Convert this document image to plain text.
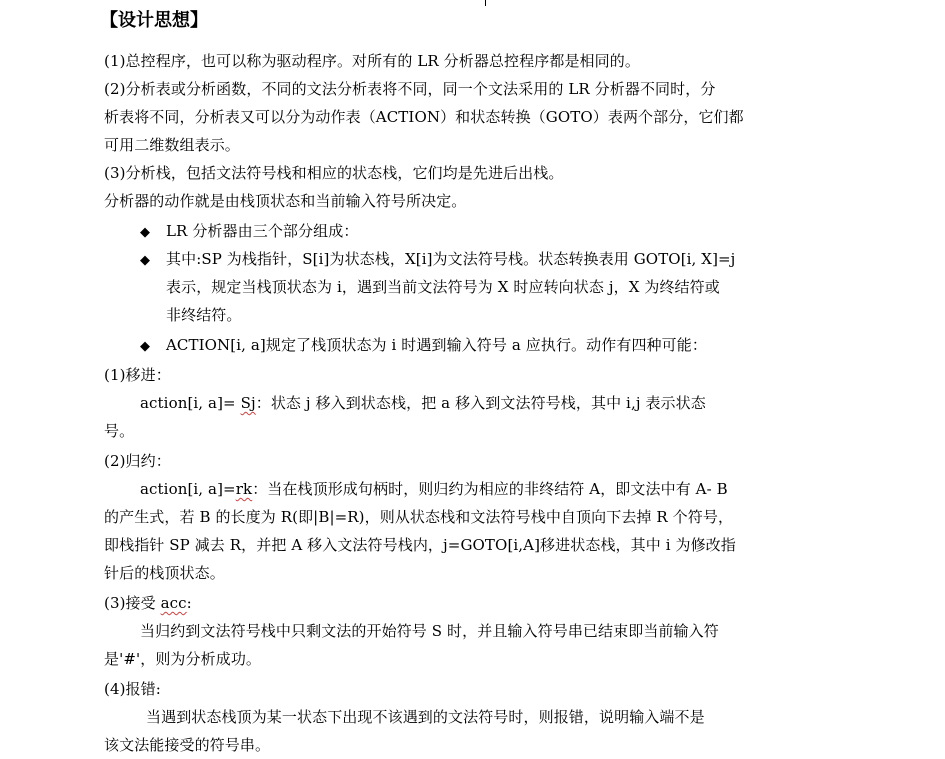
【设计思想】
(1)总控程序，也可以称为驱动程序。对所有的 LR 分析器总控程序都是相同的。
(2)分析表或分析函数，不同的文法分析表将不同，同一个文法采用的 LR 分析器不同时，分
析表将不同，分析表又可以分为动作表（ACTION）和状态转换（GOTO）表两个部分，它们都
可用二维数组表示。
(3)分析栈，包括文法符号栈和相应的状态栈，它们均是先进后出栈。
分析器的动作就是由栈顶状态和当前输入符号所决定。
◆ LR 分析器由三个部分组成：
◆ 其中:SP 为栈指针，S[i]为状态栈，X[i]为文法符号栈。状态转换表用 GOTO[i, X]=j
表示，规定当栈顶状态为 i，遇到当前文法符号为 X 时应转向状态 j，X 为终结符或
非终结符。
◆ ACTION[i, a]规定了栈顶状态为 i 时遇到输入符号 a 应执行。动作有四种可能：
(1)移进：
action[i, a]= Sj：状态 j 移入到状态栈，把 a 移入到文法符号栈，其中 i,j 表示状态
号。
(2)归约：
action[i, a]=rk：当在栈顶形成句柄时，则归约为相应的非终结符 A，即文法中有 A- B
的产生式，若 B 的长度为 R(即|B|=R)，则从状态栈和文法符号栈中自顶向下去掉 R 个符号，
即栈指针 SP 减去 R，并把 A 移入文法符号栈内，j=GOTO[i,A]移进状态栈，其中 i 为修改指
针后的栈顶状态。
(3)接受 acc:
当归约到文法符号栈中只剩文法的开始符号 S 时，并且输入符号串已结束即当前输入符
是'#'，则为分析成功。
(4)报错:
当遇到状态栈顶为某一状态下出现不该遇到的文法符号时，则报错，说明输入端不是
该文法能接受的符号串。
